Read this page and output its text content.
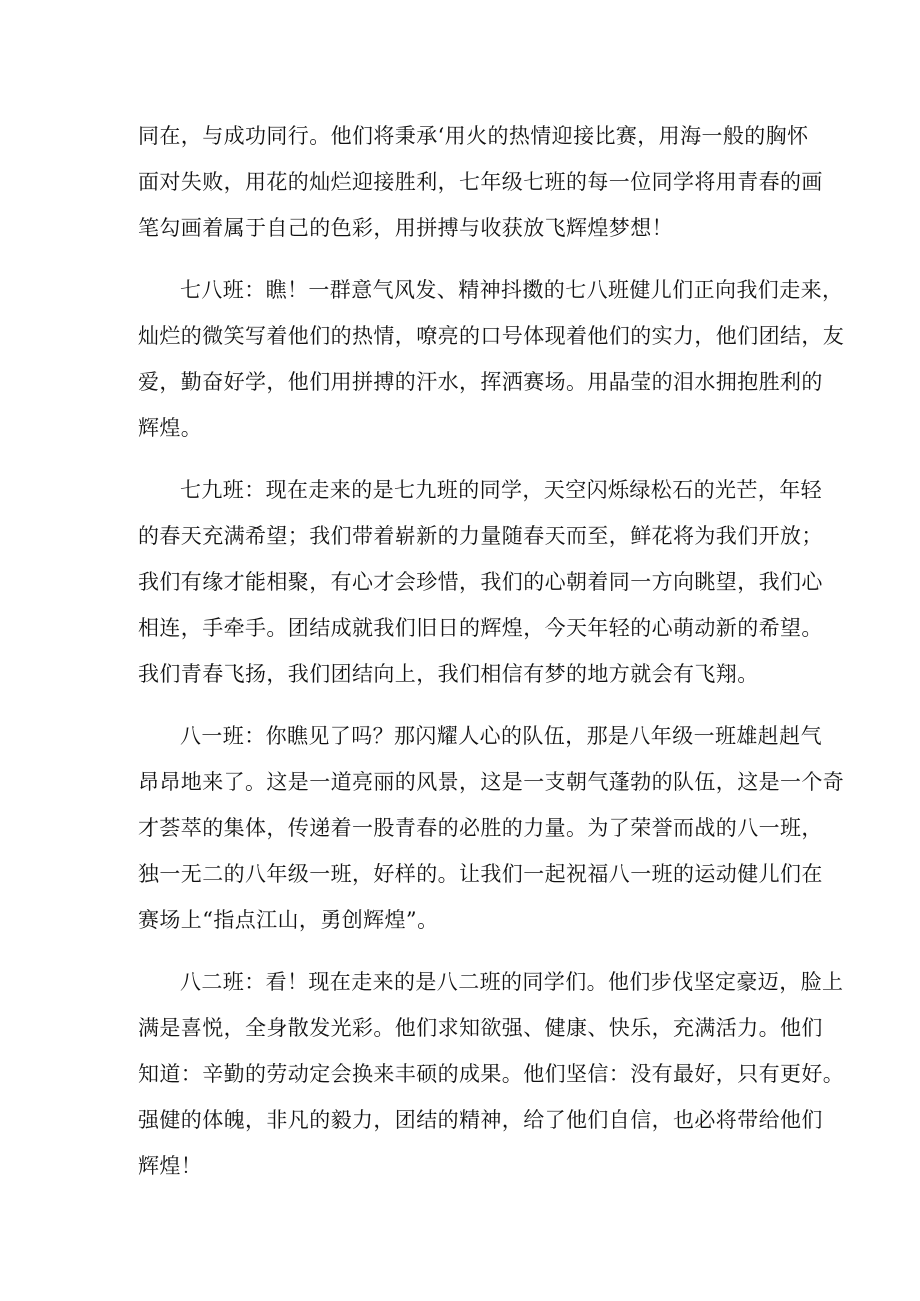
同在，与成功同行。他们将秉承‘用火的热情迎接比赛，用海一般的胸怀
面对失败，用花的灿烂迎接胜利，七年级七班的每一位同学将用青春的画
笔勾画着属于自己的色彩，用拼搏与收获放飞辉煌梦想！

七八班：瞧！一群意气风发、精神抖擞的七八班健儿们正向我们走来，
灿烂的微笑写着他们的热情，嘹亮的口号体现着他们的实力，他们团结，友
爱，勤奋好学，他们用拼搏的汗水，挥洒赛场。用晶莹的泪水拥抱胜利的
辉煌。

七九班：现在走来的是七九班的同学，天空闪烁绿松石的光芒，年轻
的春天充满希望；我们带着崭新的力量随春天而至，鲜花将为我们开放；
我们有缘才能相聚，有心才会珍惜，我们的心朝着同一方向眺望，我们心
相连，手牵手。团结成就我们旧日的辉煌，今天年轻的心萌动新的希望。
我们青春飞扬，我们团结向上，我们相信有梦的地方就会有飞翔。

八一班：你瞧见了吗？那闪耀人心的队伍，那是八年级一班雄赳赳气
昂昂地来了。这是一道亮丽的风景，这是一支朝气蓬勃的队伍，这是一个奇
才荟萃的集体，传递着一股青春的必胜的力量。为了荣誉而战的八一班，
独一无二的八年级一班，好样的。让我们一起祝福八一班的运动健儿们在
赛场上“指点江山，勇创辉煌”。

八二班：看！现在走来的是八二班的同学们。他们步伐坚定豪迈，脸上
满是喜悦，全身散发光彩。他们求知欲强、健康、快乐，充满活力。他们
知道：辛勤的劳动定会换来丰硕的成果。他们坚信：没有最好，只有更好。
强健的体魄，非凡的毅力，团结的精神，给了他们自信，也必将带给他们
辉煌！
